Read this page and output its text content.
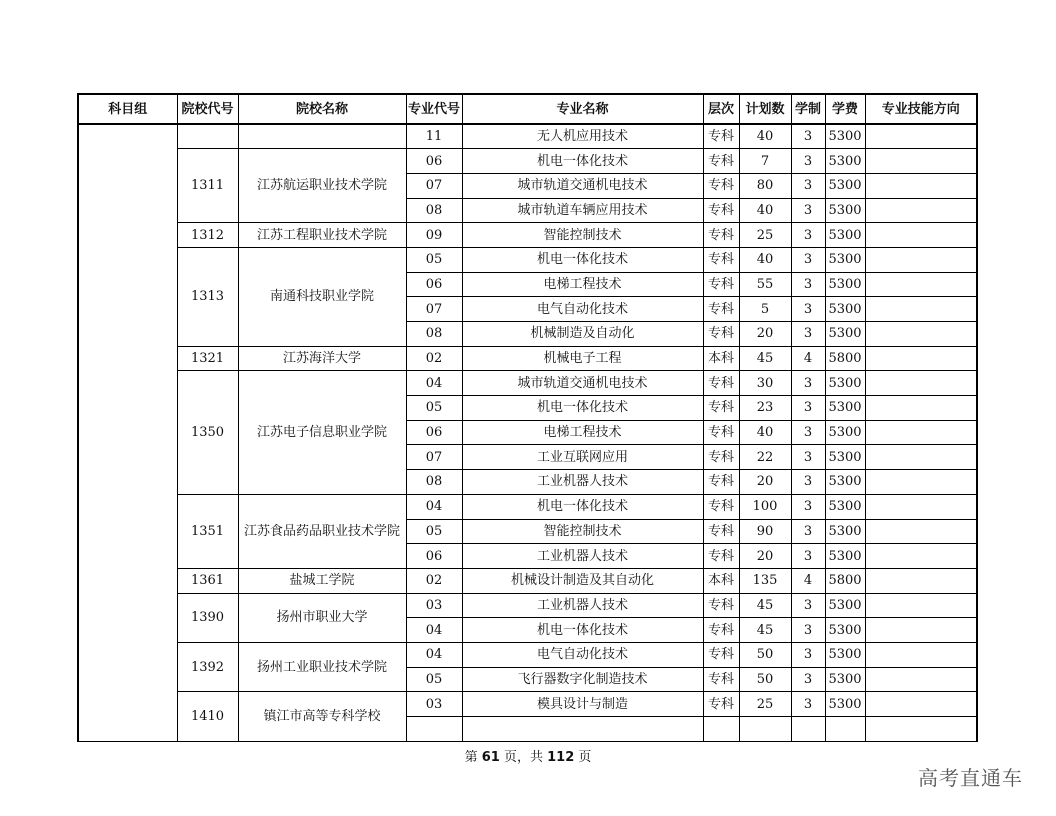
科目组	院校代号	院校名称	专业代号	专业名称	层次	计划数	学制	学费	专业技能方向
			11	无人机应用技术	专科	40	3	5300	
	1311	江苏航运职业技术学院	06	机电一体化技术	专科	7	3	5300	
			07	城市轨道交通机电技术	专科	80	3	5300	
			08	城市轨道车辆应用技术	专科	40	3	5300	
	1312	江苏工程职业技术学院	09	智能控制技术	专科	25	3	5300	
	1313	南通科技职业学院	05	机电一体化技术	专科	40	3	5300	
			06	电梯工程技术	专科	55	3	5300	
			07	电气自动化技术	专科	5	3	5300	
			08	机械制造及自动化	专科	20	3	5300	
	1321	江苏海洋大学	02	机械电子工程	本科	45	4	5800	
	1350	江苏电子信息职业学院	04	城市轨道交通机电技术	专科	30	3	5300	
			05	机电一体化技术	专科	23	3	5300	
			06	电梯工程技术	专科	40	3	5300	
			07	工业互联网应用	专科	22	3	5300	
			08	工业机器人技术	专科	20	3	5300	
	1351	江苏食品药品职业技术学院	04	机电一体化技术	专科	100	3	5300	
			05	智能控制技术	专科	90	3	5300	
			06	工业机器人技术	专科	20	3	5300	
	1361	盐城工学院	02	机械设计制造及其自动化	本科	135	4	5800	
	1390	扬州市职业大学	03	工业机器人技术	专科	45	3	5300	
			04	机电一体化技术	专科	45	3	5300	
	1392	扬州工业职业技术学院	04	电气自动化技术	专科	50	3	5300	
			05	飞行器数字化制造技术	专科	50	3	5300	
	1410	镇江市高等专科学校	03	模具设计与制造	专科	25	3	5300	

第 61 页，共 112 页
高考直通车
